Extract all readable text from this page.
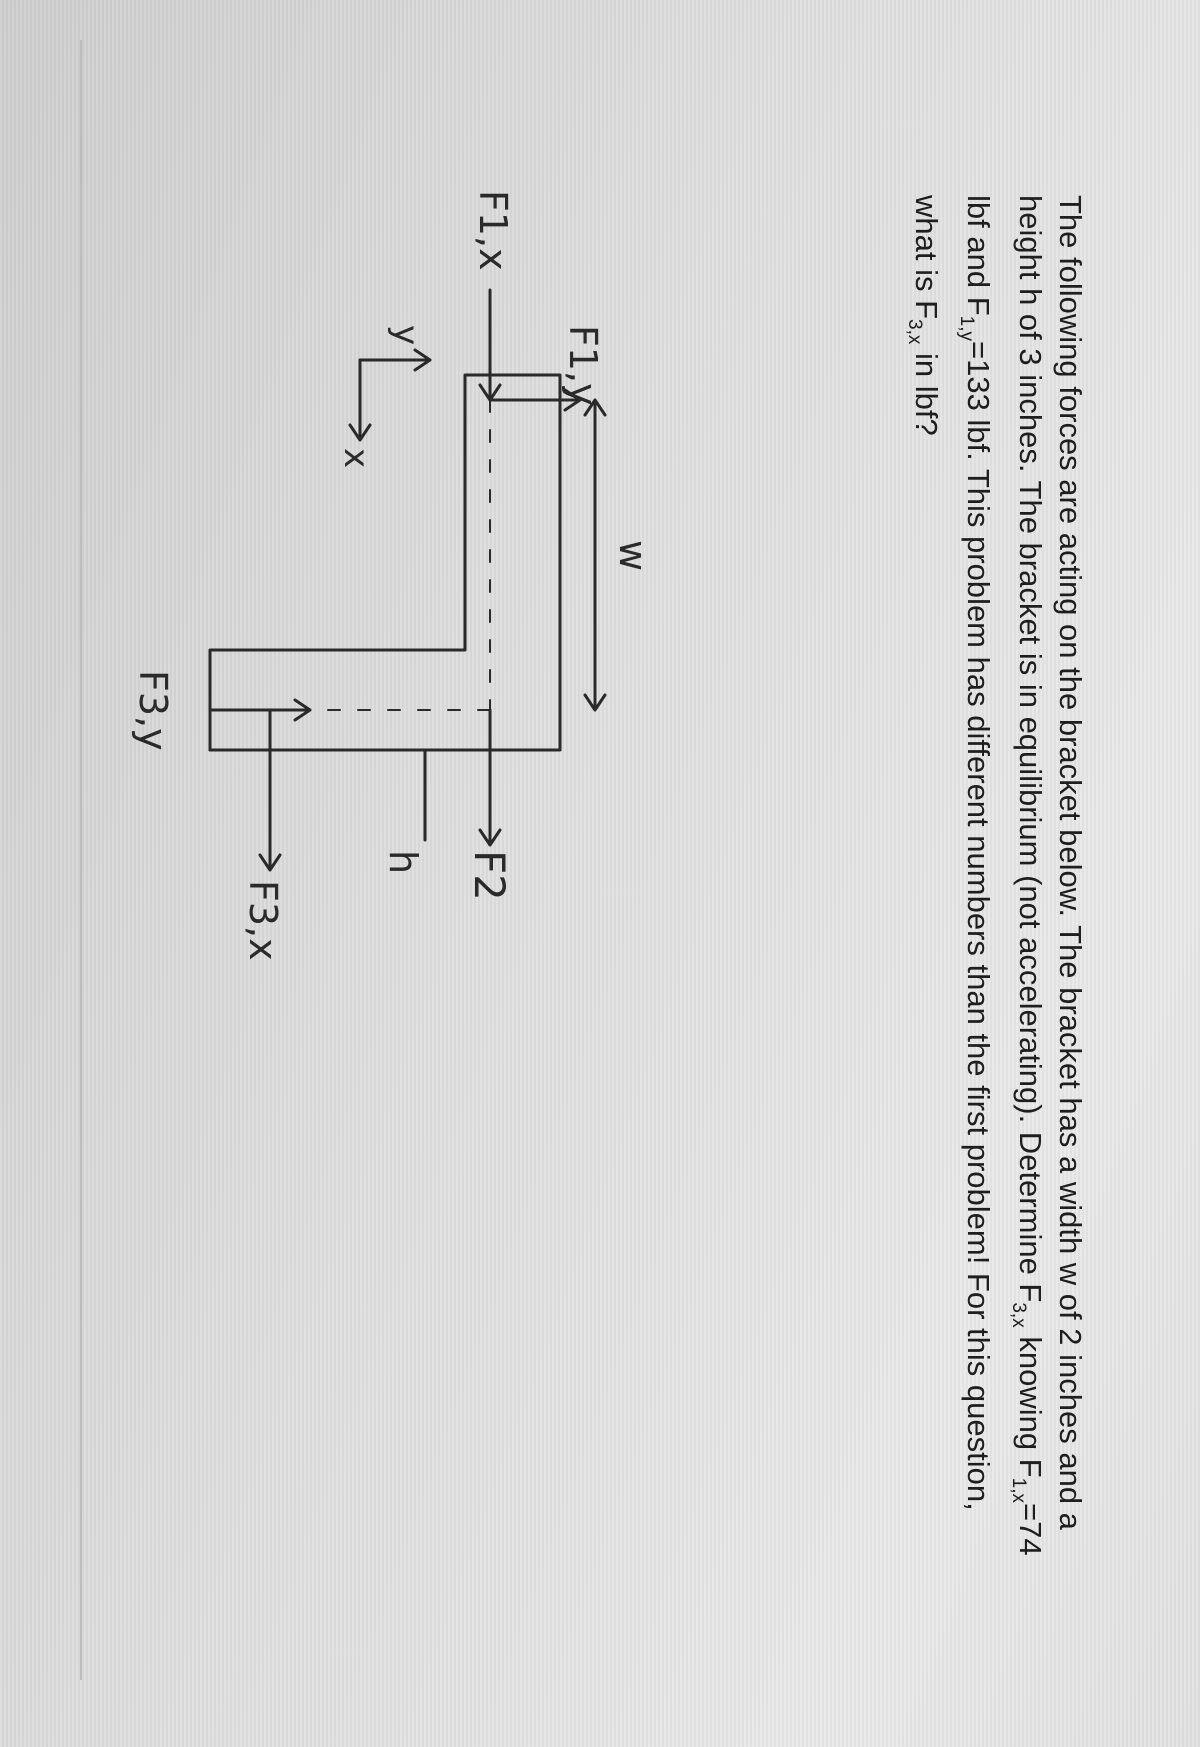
The following forces are acting on the bracket below. The bracket has a width w of 2 inches and a height h of 3 inches. The bracket is in equilibrium (not accelerating). Determine $F_{3,x}$ knowing $F_{1,x}=74$ lbf and $F_{1,y}=133$ lbf. This problem has different numbers than the first problem! For this question, what is $F_{3,x}$ in lbf?
F1,y
F1,x
w
F2
h
F3,x
F3,y
y
x
